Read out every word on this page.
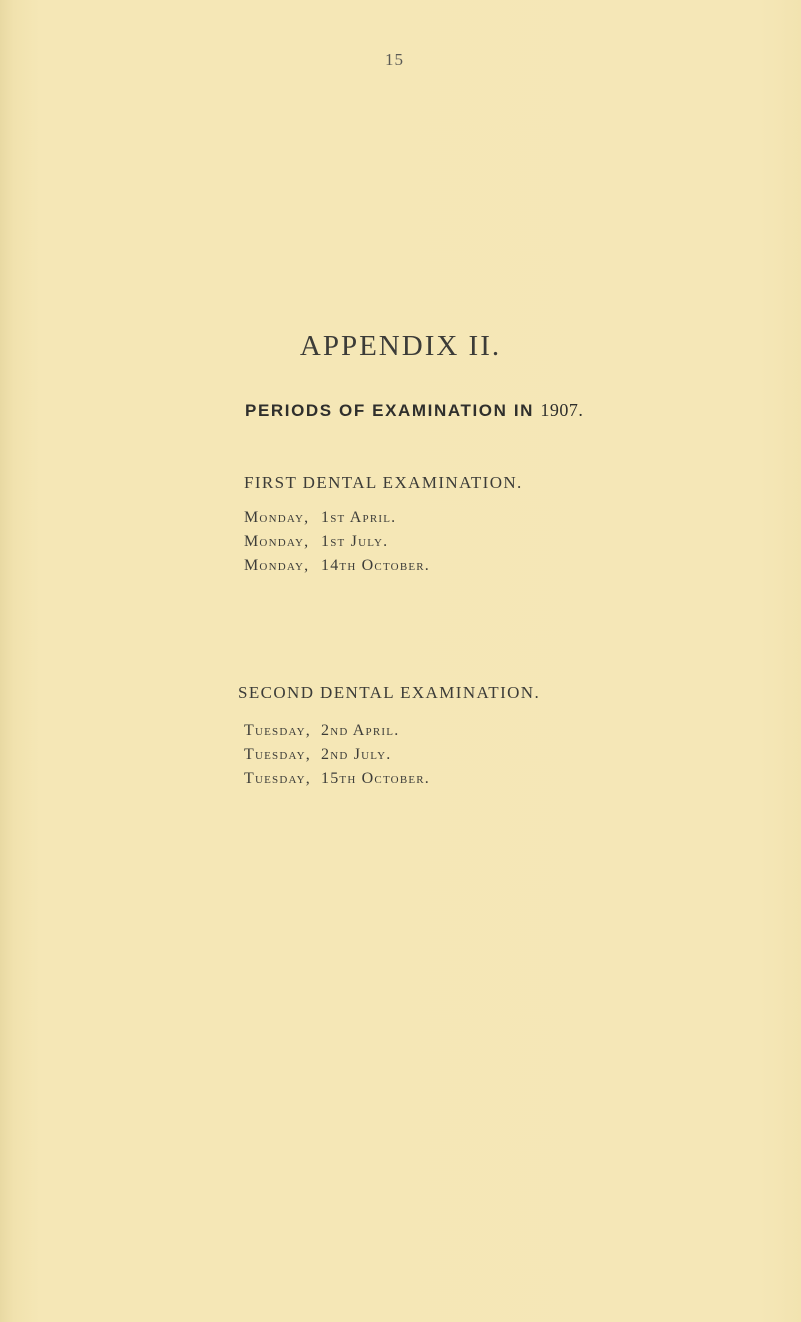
15
APPENDIX II.
PERIODS OF EXAMINATION IN 1907.
FIRST DENTAL EXAMINATION.
Monday, 1st April.
Monday, 1st July.
Monday, 14th October.
SECOND DENTAL EXAMINATION.
Tuesday, 2nd April.
Tuesday, 2nd July.
Tuesday, 15th October.
